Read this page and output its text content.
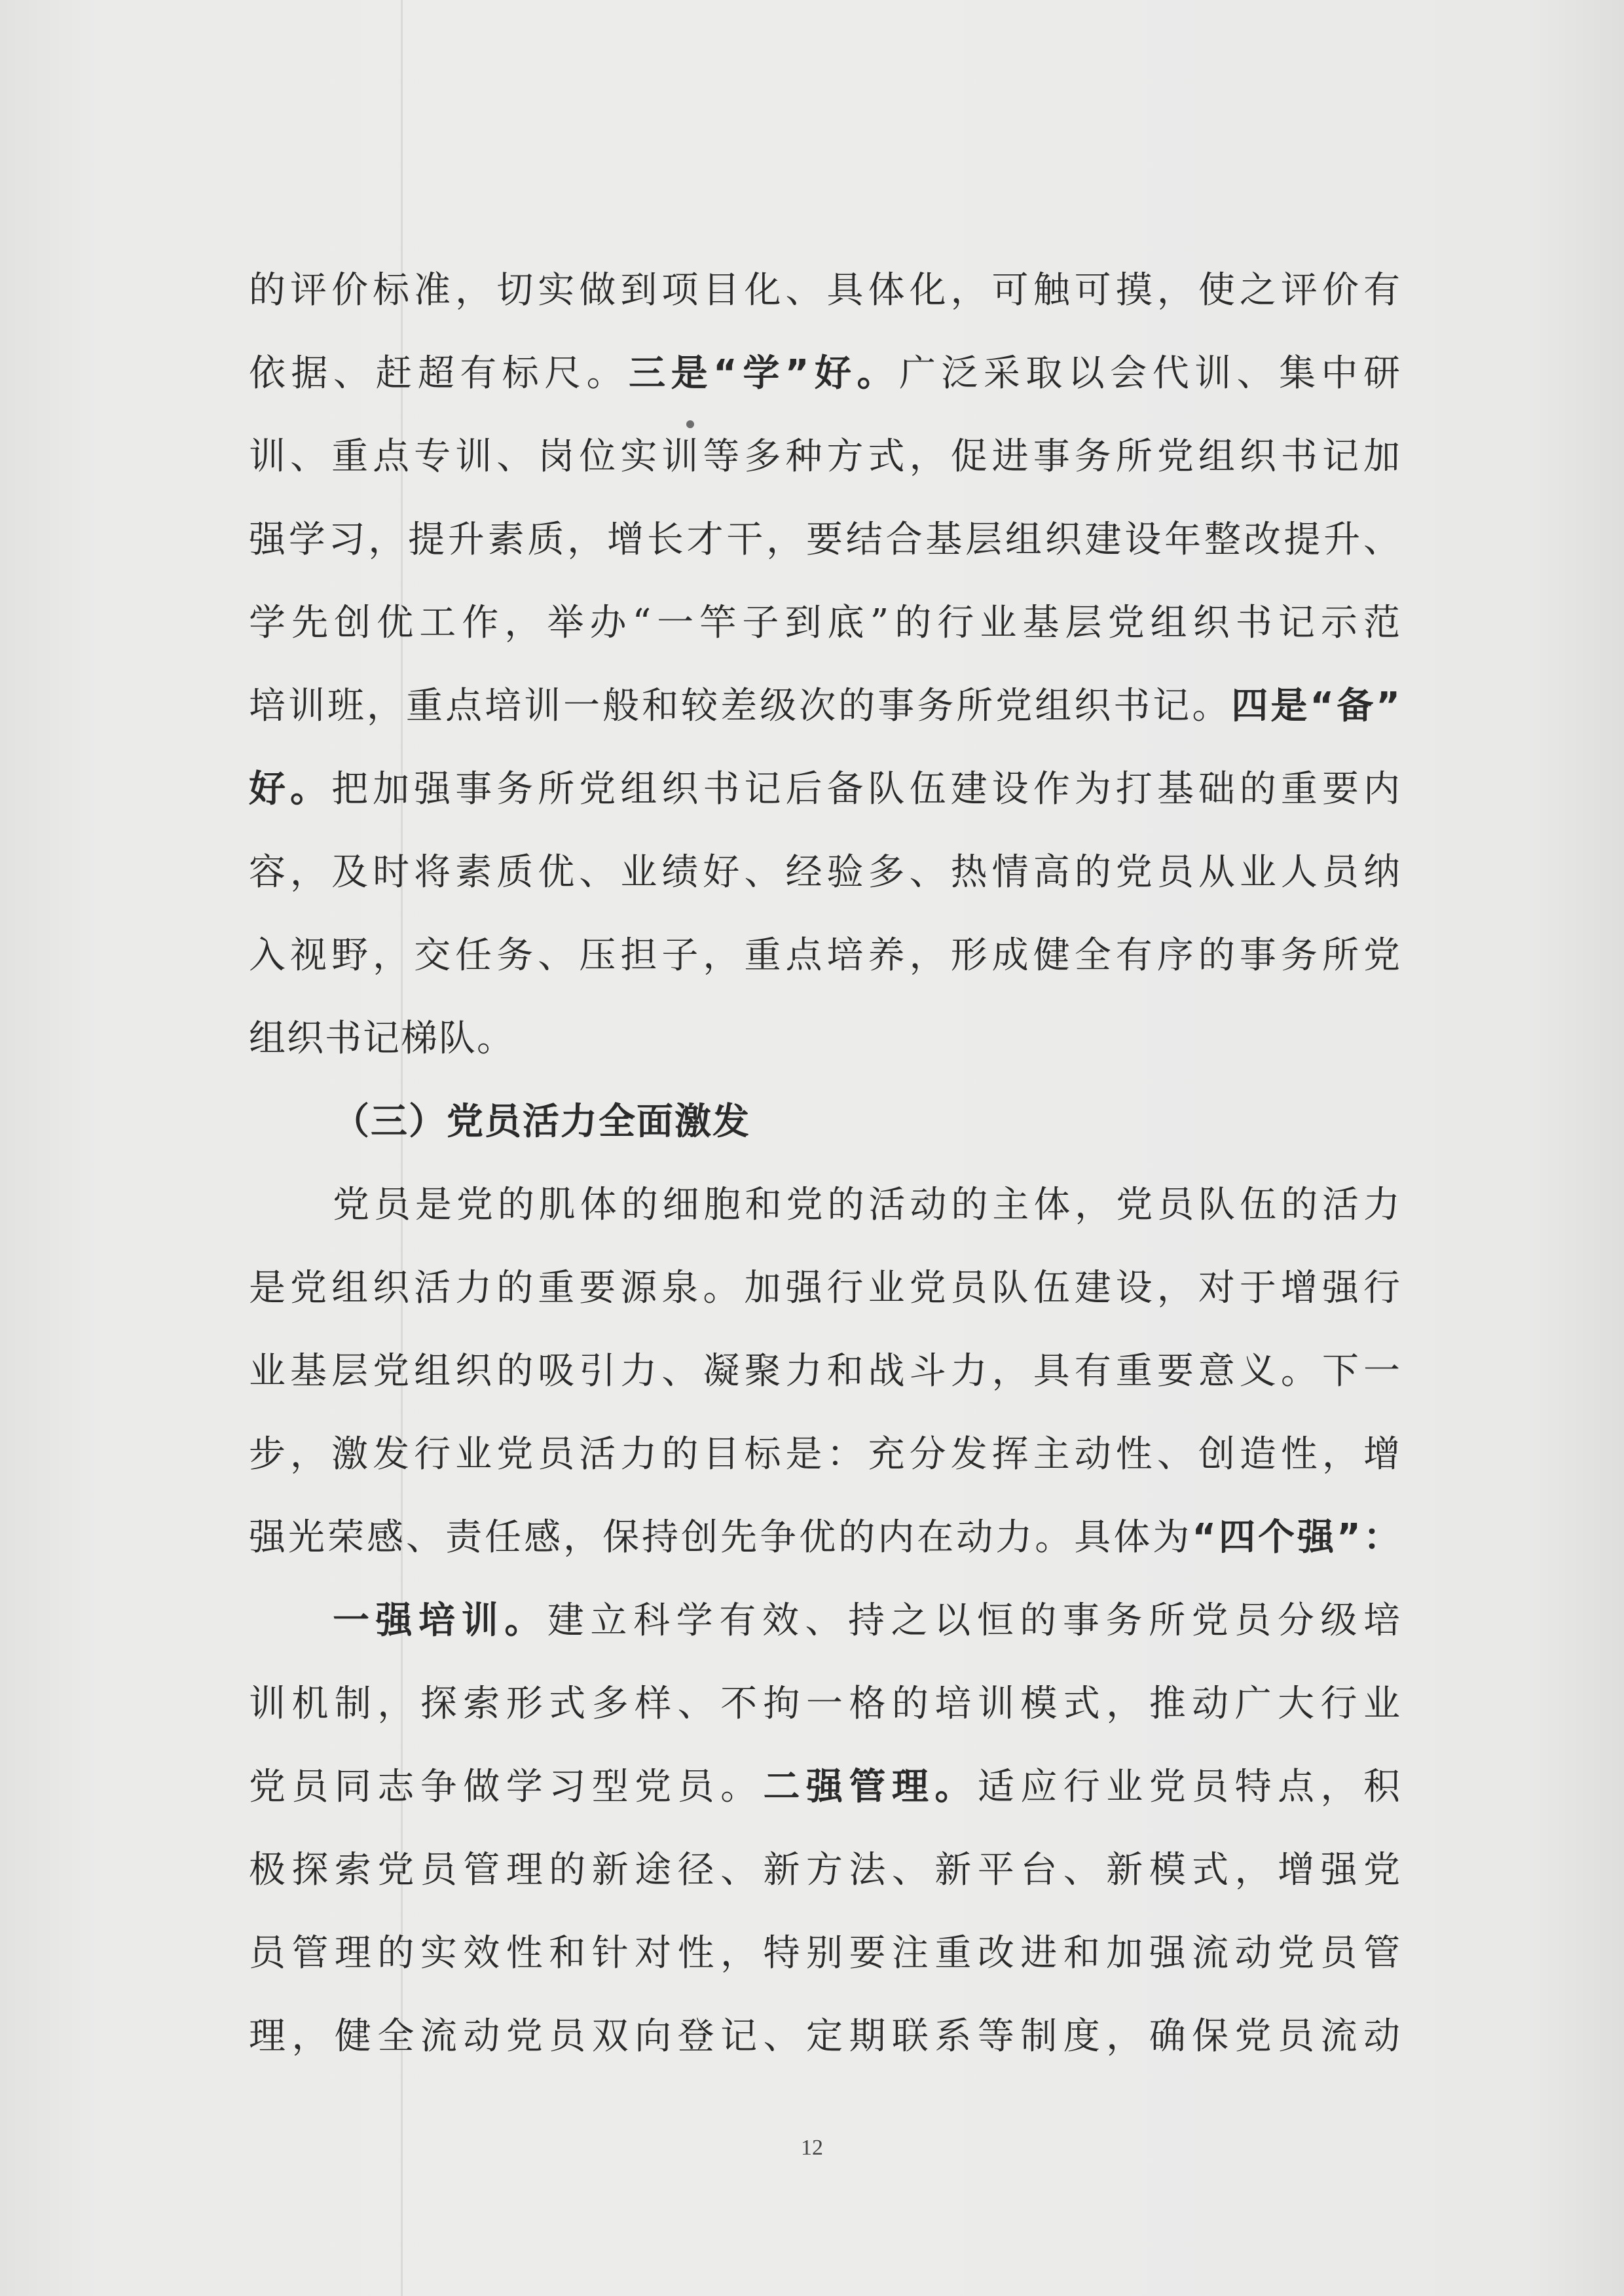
的评价标准，切实做到项目化、具体化，可触可摸，使之评价有
依据、赶超有标尺。三是“学”好。广泛采取以会代训、集中研
训、重点专训、岗位实训等多种方式，促进事务所党组织书记加
强学习，提升素质，增长才干，要结合基层组织建设年整改提升、
学先创优工作，举办“一竿子到底”的行业基层党组织书记示范
培训班，重点培训一般和较差级次的事务所党组织书记。四是“备”
好。把加强事务所党组织书记后备队伍建设作为打基础的重要内
容，及时将素质优、业绩好、经验多、热情高的党员从业人员纳
入视野，交任务、压担子，重点培养，形成健全有序的事务所党
组织书记梯队。
（三）党员活力全面激发
党员是党的肌体的细胞和党的活动的主体，党员队伍的活力
是党组织活力的重要源泉。加强行业党员队伍建设，对于增强行
业基层党组织的吸引力、凝聚力和战斗力，具有重要意义。下一
步，激发行业党员活力的目标是：充分发挥主动性、创造性，增
强光荣感、责任感，保持创先争优的内在动力。具体为“四个强”：
一强培训。建立科学有效、持之以恒的事务所党员分级培
训机制，探索形式多样、不拘一格的培训模式，推动广大行业
党员同志争做学习型党员。二强管理。适应行业党员特点，积
极探索党员管理的新途径、新方法、新平台、新模式，增强党
员管理的实效性和针对性，特别要注重改进和加强流动党员管
理，健全流动党员双向登记、定期联系等制度，确保党员流动
12
